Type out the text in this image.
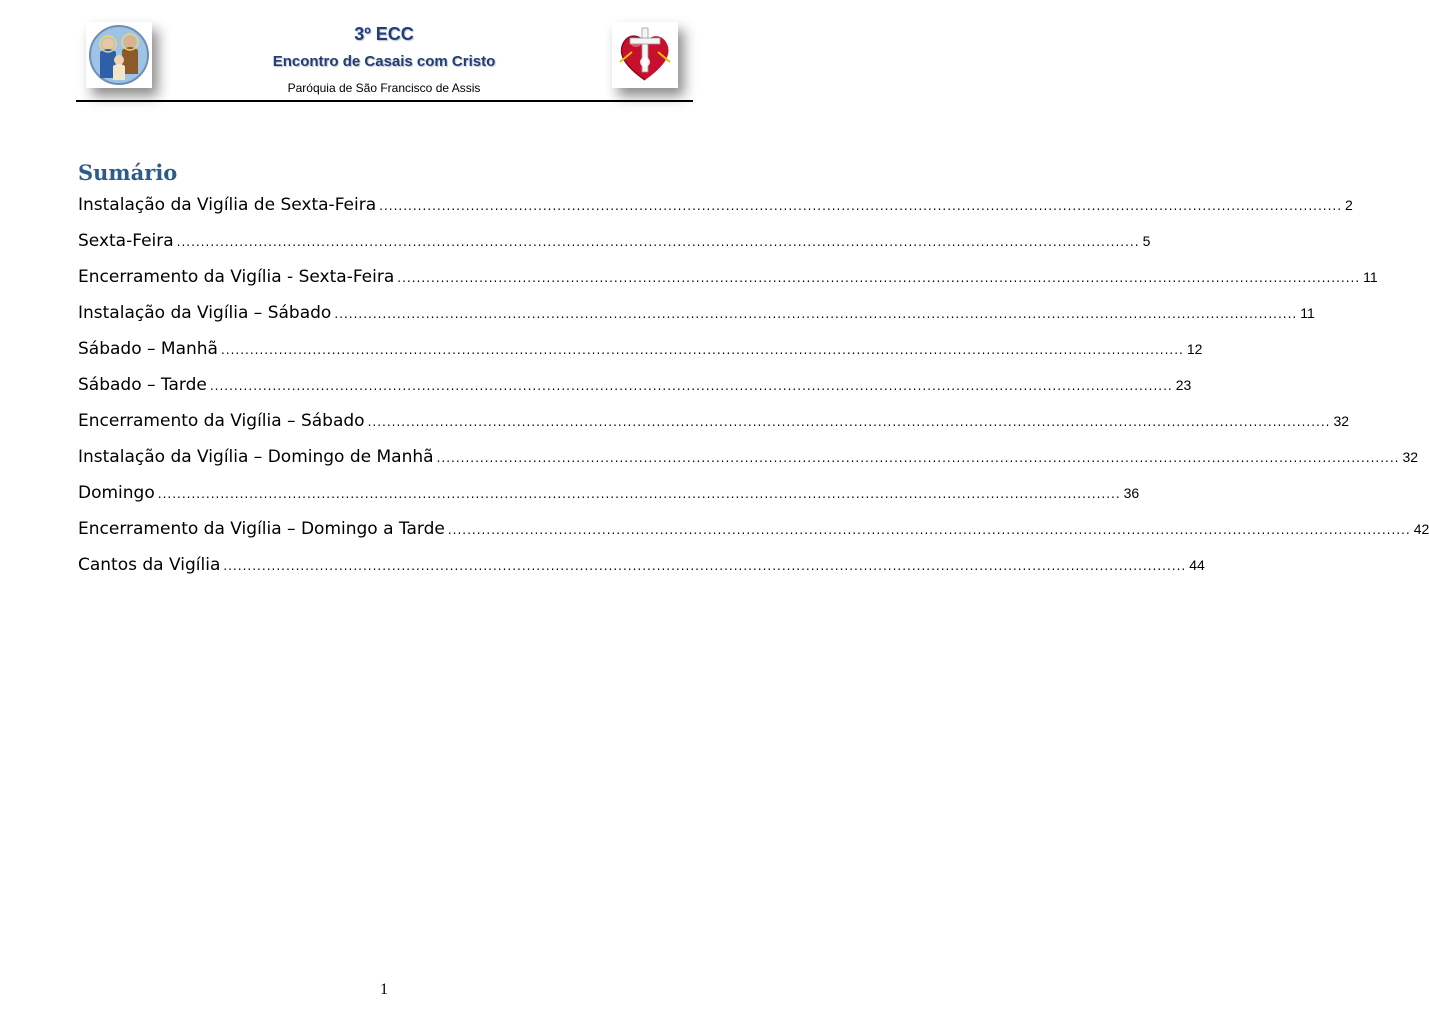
3º ECC
Encontro de Casais com Cristo
Paróquia de São Francisco de Assis
Sumário
Instalação da Vigília de Sexta-Feira ........................................................................................................................................................................................................ 2
Sexta-Feira ........................................................................................................................................................................................................ 5
Encerramento da Vigília - Sexta-Feira ........................................................................................................................................................................................................ 11
Instalação da Vigília – Sábado ........................................................................................................................................................................................................ 11
Sábado – Manhã ........................................................................................................................................................................................................ 12
Sábado – Tarde ........................................................................................................................................................................................................ 23
Encerramento da Vigília – Sábado ........................................................................................................................................................................................................ 32
Instalação da Vigília – Domingo de Manhã ........................................................................................................................................................................................................ 32
Domingo ........................................................................................................................................................................................................ 36
Encerramento da Vigília – Domingo a Tarde ........................................................................................................................................................................................................ 42
Cantos da Vigília ........................................................................................................................................................................................................ 44
1
